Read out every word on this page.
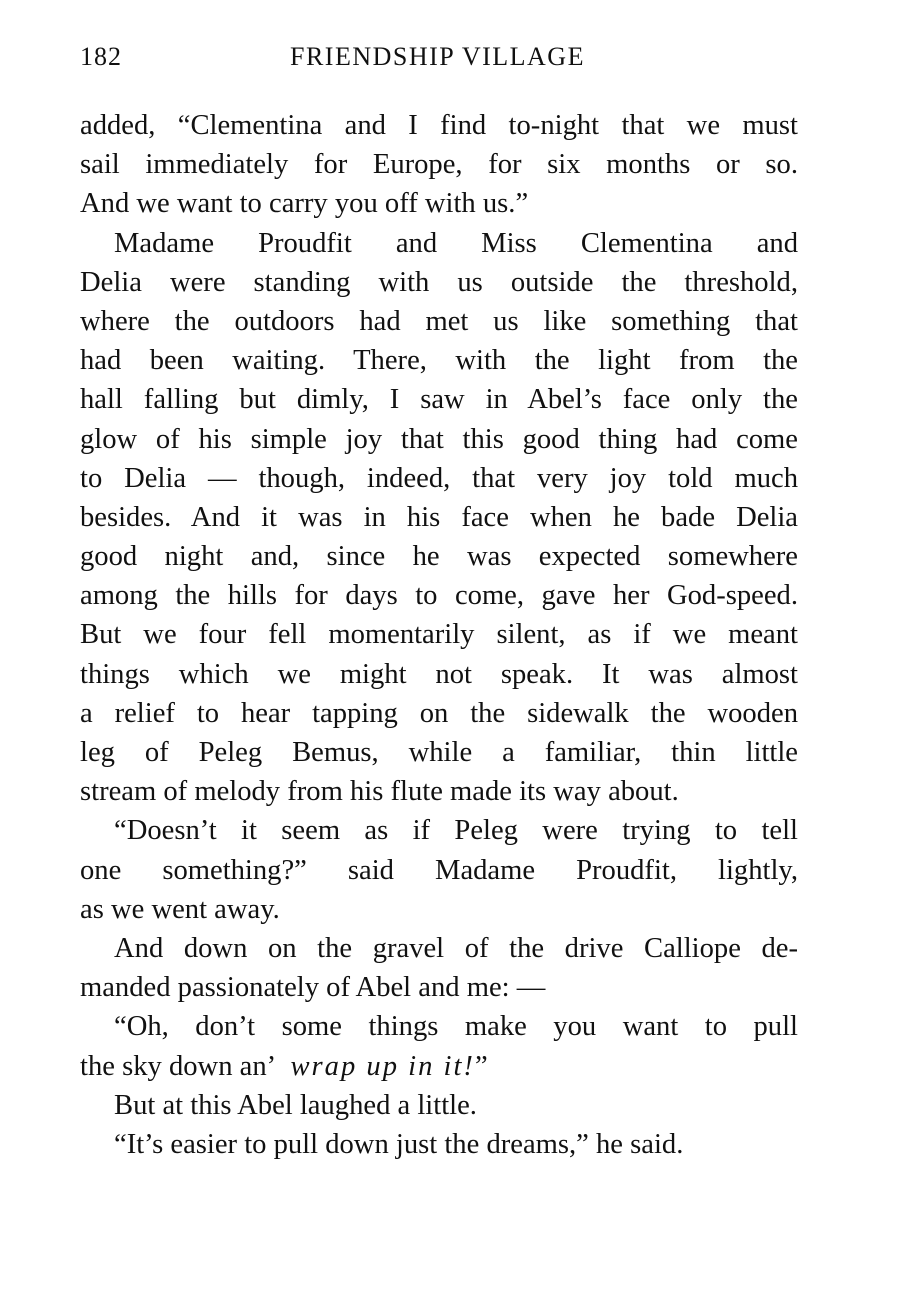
182	FRIENDSHIP VILLAGE
added, “Clementina and I find to-night that we must
sail immediately for Europe, for six months or so.
And we want to carry you off with us.”
Madame Proudfit and Miss Clementina and
Delia were standing with us outside the threshold,
where the outdoors had met us like something that
had been waiting. There, with the light from the
hall falling but dimly, I saw in Abel’s face only the
glow of his simple joy that this good thing had come
to Delia — though, indeed, that very joy told much
besides. And it was in his face when he bade Delia
good night and, since he was expected somewhere
among the hills for days to come, gave her God-speed.
But we four fell momentarily silent, as if we meant
things which we might not speak. It was almost
a relief to hear tapping on the sidewalk the wooden
leg of Peleg Bemus, while a familiar, thin little
stream of melody from his flute made its way about.
“Doesn’t it seem as if Peleg were trying to tell
one something?” said Madame Proudfit, lightly,
as we went away.
And down on the gravel of the drive Calliope de-
manded passionately of Abel and me: —
“Oh, don’t some things make you want to pull
the sky down an’ wrap up in it!”
But at this Abel laughed a little.
“It’s easier to pull down just the dreams,” he said.
